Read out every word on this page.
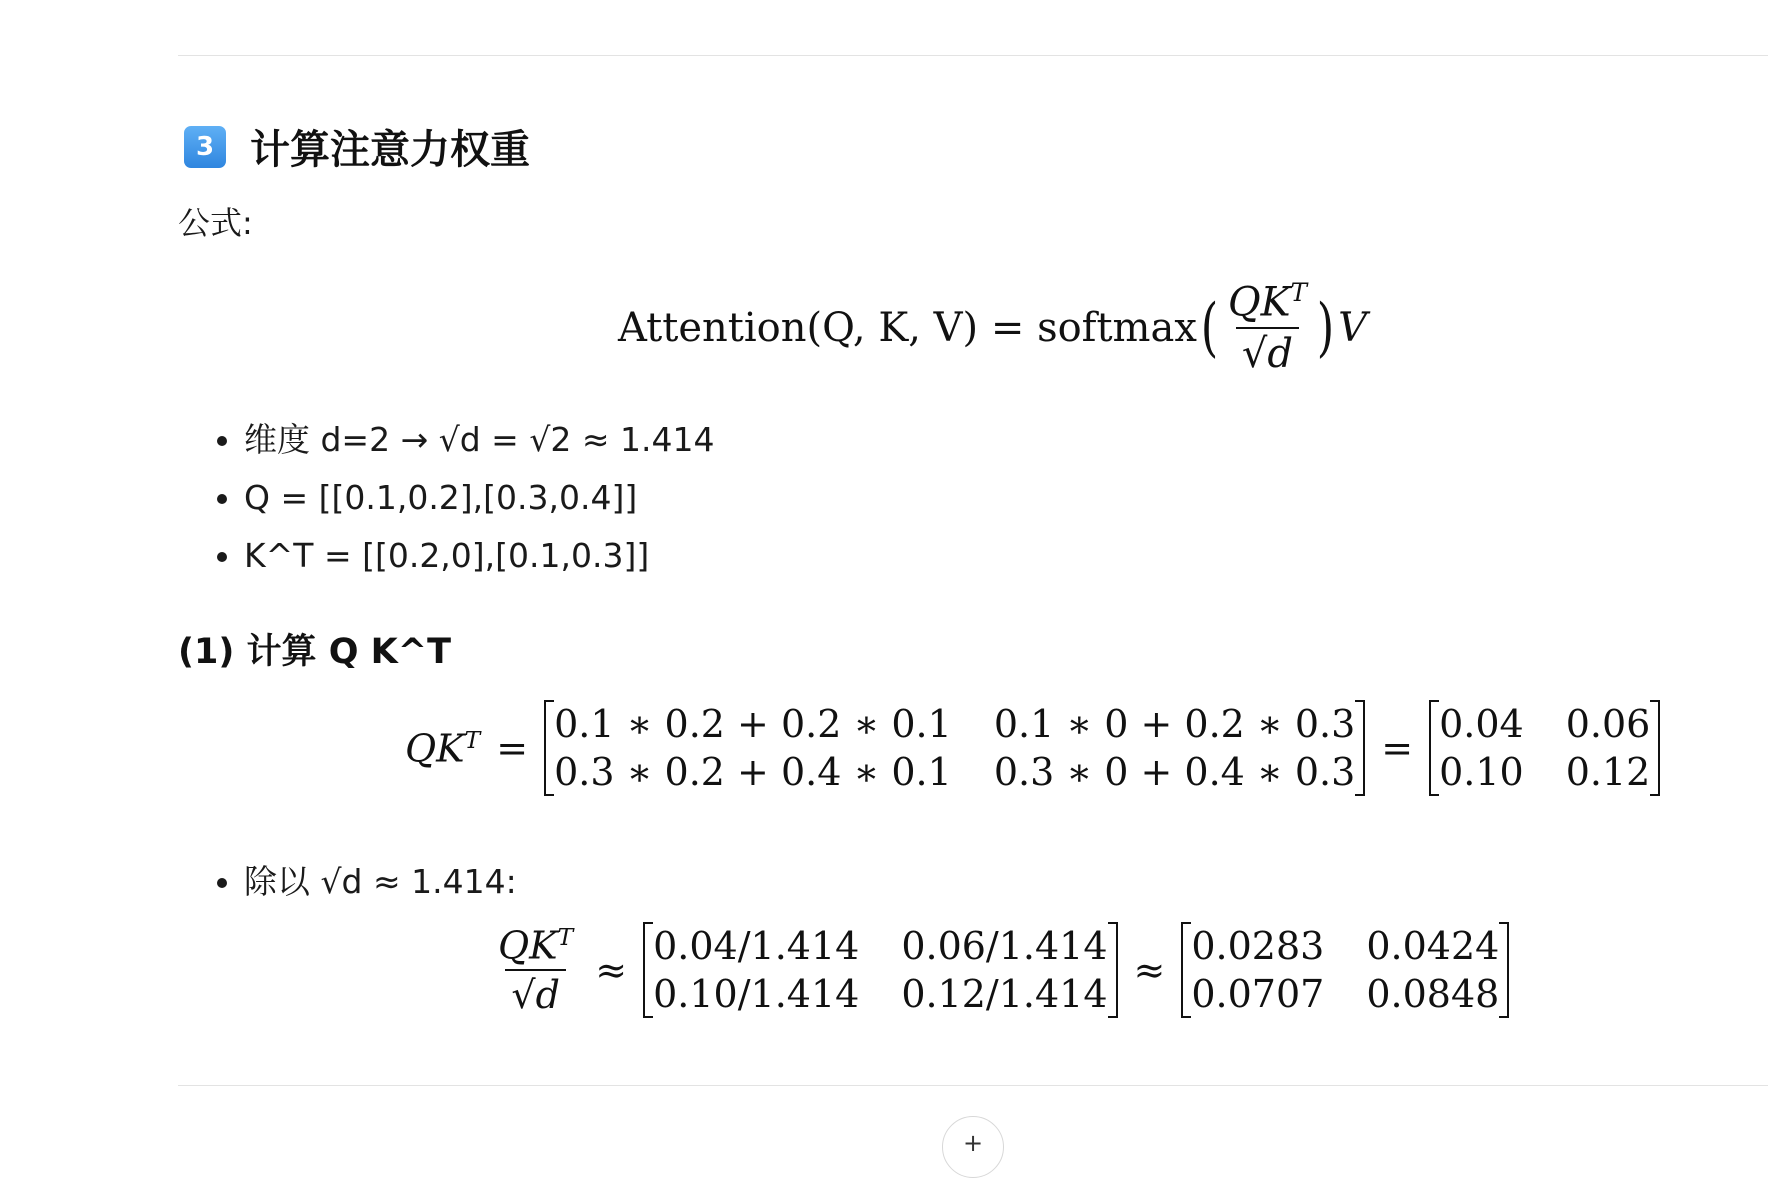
3 计算注意力权重
公式:
Attention(Q, K, V) = softmax ( $\frac{QK^T}{√d}$ ) V
• 维度 d=2 → √d = √2 ≈ 1.414
• Q = [[0.1,0.2],[0.3,0.4]]
• K^T = [[0.2,0],[0.1,0.3]]
(1) 计算 Q K^T
$QK^T$ =
0.1 ∗ 0.2 + 0.2 ∗ 0.1 0.1 ∗ 0 + 0.2 ∗ 0.3
0.3 ∗ 0.2 + 0.4 ∗ 0.1 0.3 ∗ 0 + 0.4 ∗ 0.3
=
0.04 0.06
0.10 0.12
• 除以 √d ≈ 1.414:
$\frac{QK^T}{√d}$ ≈
0.04/1.414 0.06/1.414
0.10/1.414 0.12/1.414
≈
0.0283 0.0424
0.0707 0.0848
+
